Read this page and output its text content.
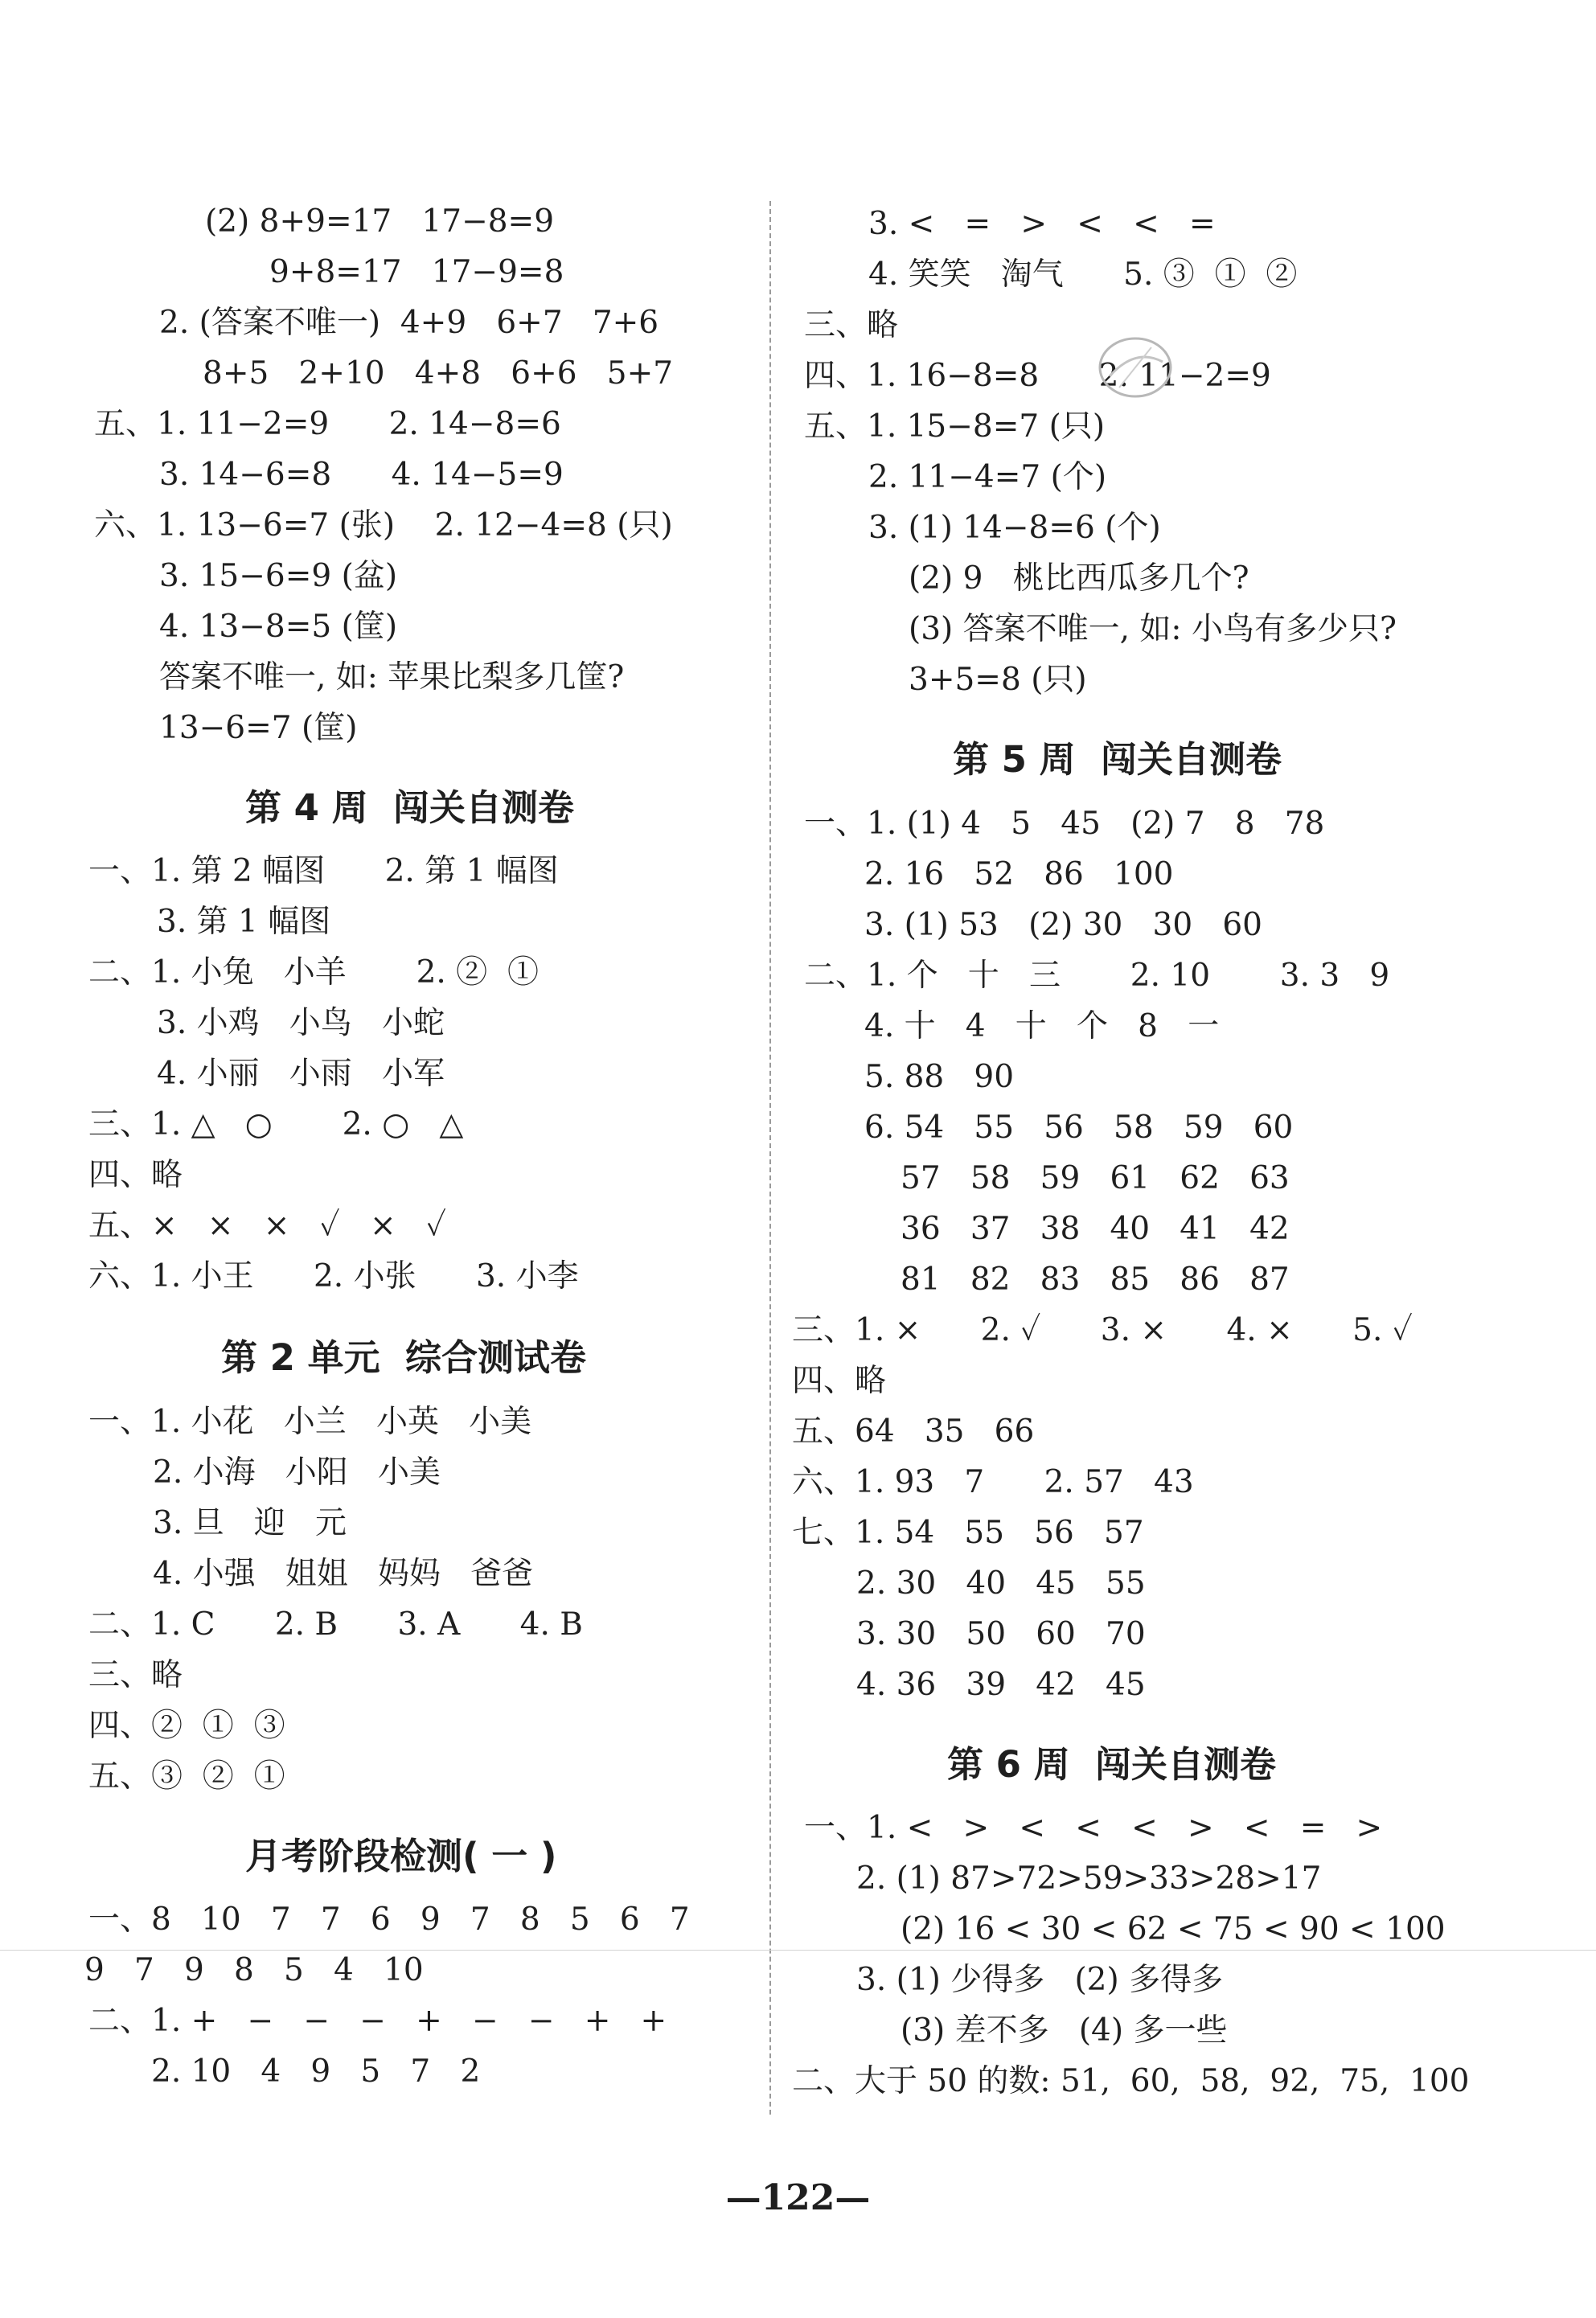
(2) 8+9=17   17−8=9
9+8=17   17−9=8
2. (答案不唯一)  4+9   6+7   7+6
8+5   2+10   4+8   6+6   5+7
五、1. 11−2=9      2. 14−8=6
3. 14−6=8      4. 14−5=9
六、1. 13−6=7 (张)    2. 12−4=8 (只)
3. 15−6=9 (盆)
4. 13−8=5 (筐)
答案不唯一, 如: 苹果比梨多几筐?
13−6=7 (筐)
第 4 周  闯关自测卷
一、1. 第 2 幅图      2. 第 1 幅图
3. 第 1 幅图
二、1. 小兔   小羊       2. ②  ①
3. 小鸡   小鸟   小蛇
4. 小丽   小雨   小军
三、1. △   ○       2. ○   △
四、略
五、×   ×   ×   ✓   ×   ✓
六、1. 小王      2. 小张      3. 小李
第 2 单元  综合测试卷
一、1. 小花   小兰   小英   小美
2. 小海   小阳   小美
3. 旦   迎   元
4. 小强   姐姐   妈妈   爸爸
二、1. C      2. B      3. A      4. B
三、略
四、②  ①  ③
五、③  ②  ①
月考阶段检测( 一 )
一、8   10   7   7   6   9   7   8   5   6   7
9   7   9   8   5   4   10
二、1. +   −   −   −   +   −   −   +   +
2. 10   4   9   5   7   2
3. <   =   >   <   <   =
4. 笑笑   淘气      5. ③  ①  ②
三、略
四、1. 16−8=8      2. 11−2=9
五、1. 15−8=7 (只)
2. 11−4=7 (个)
3. (1) 14−8=6 (个)
(2) 9   桃比西瓜多几个?
(3) 答案不唯一, 如: 小鸟有多少只?
3+5=8 (只)
第 5 周  闯关自测卷
一、1. (1) 4   5   45   (2) 7   8   78
2. 16   52   86   100
3. (1) 53   (2) 30   30   60
二、1. 个   十   三       2. 10       3. 3   9
4. 十   4   十   个   8   一
5. 88   90
6. 54   55   56   58   59   60
57   58   59   61   62   63
36   37   38   40   41   42
81   82   83   85   86   87
三、1. ×      2. ✓      3. ×      4. ×      5. ✓
四、略
五、64   35   66
六、1. 93   7      2. 57   43
七、1. 54   55   56   57
2. 30   40   45   55
3. 30   50   60   70
4. 36   39   42   45
第 6 周  闯关自测卷
一、1. <   >   <   <   <   >   <   =   >
2. (1) 87>72>59>33>28>17
(2) 16 < 30 < 62 < 75 < 90 < 100
3. (1) 少得多   (2) 多得多
(3) 差不多   (4) 多一些
二、大于 50 的数: 51,  60,  58,  92,  75,  100
—122—
